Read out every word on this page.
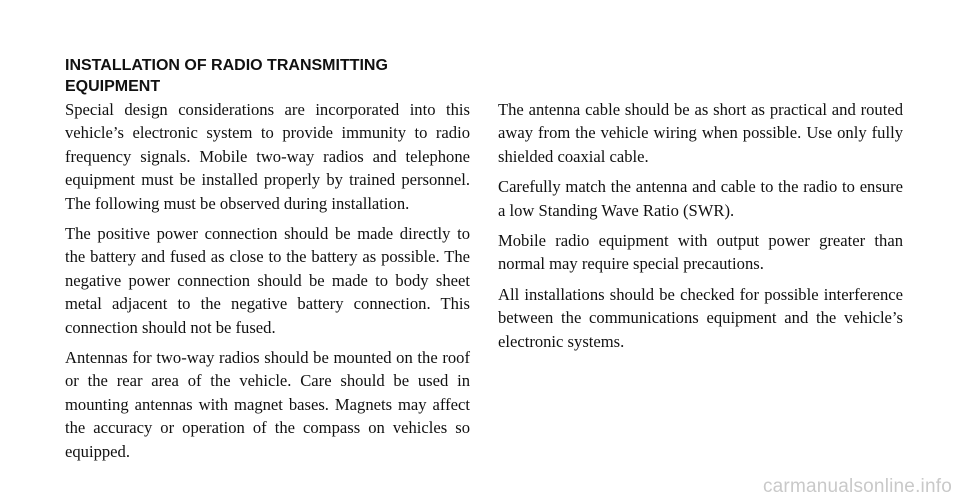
INSTALLATION OF RADIO TRANSMITTING
EQUIPMENT

Special design considerations are incorporated into this vehicle’s electronic system to provide immunity to radio frequency signals. Mobile two-way radios and telephone equipment must be installed properly by trained personnel. The following must be observed during installation.

The positive power connection should be made directly to the battery and fused as close to the battery as possible. The negative power connection should be made to body sheet metal adjacent to the negative battery connection. This connection should not be fused.

Antennas for two-way radios should be mounted on the roof or the rear area of the vehicle. Care should be used in mounting antennas with magnet bases. Magnets may affect the accuracy or operation of the compass on vehicles so equipped.

The antenna cable should be as short as practical and routed away from the vehicle wiring when possible. Use only fully shielded coaxial cable.

Carefully match the antenna and cable to the radio to ensure a low Standing Wave Ratio (SWR).

Mobile radio equipment with output power greater than normal may require special precautions.

All installations should be checked for possible interference between the communications equipment and the vehicle’s electronic systems.

carmanualsonline.info
